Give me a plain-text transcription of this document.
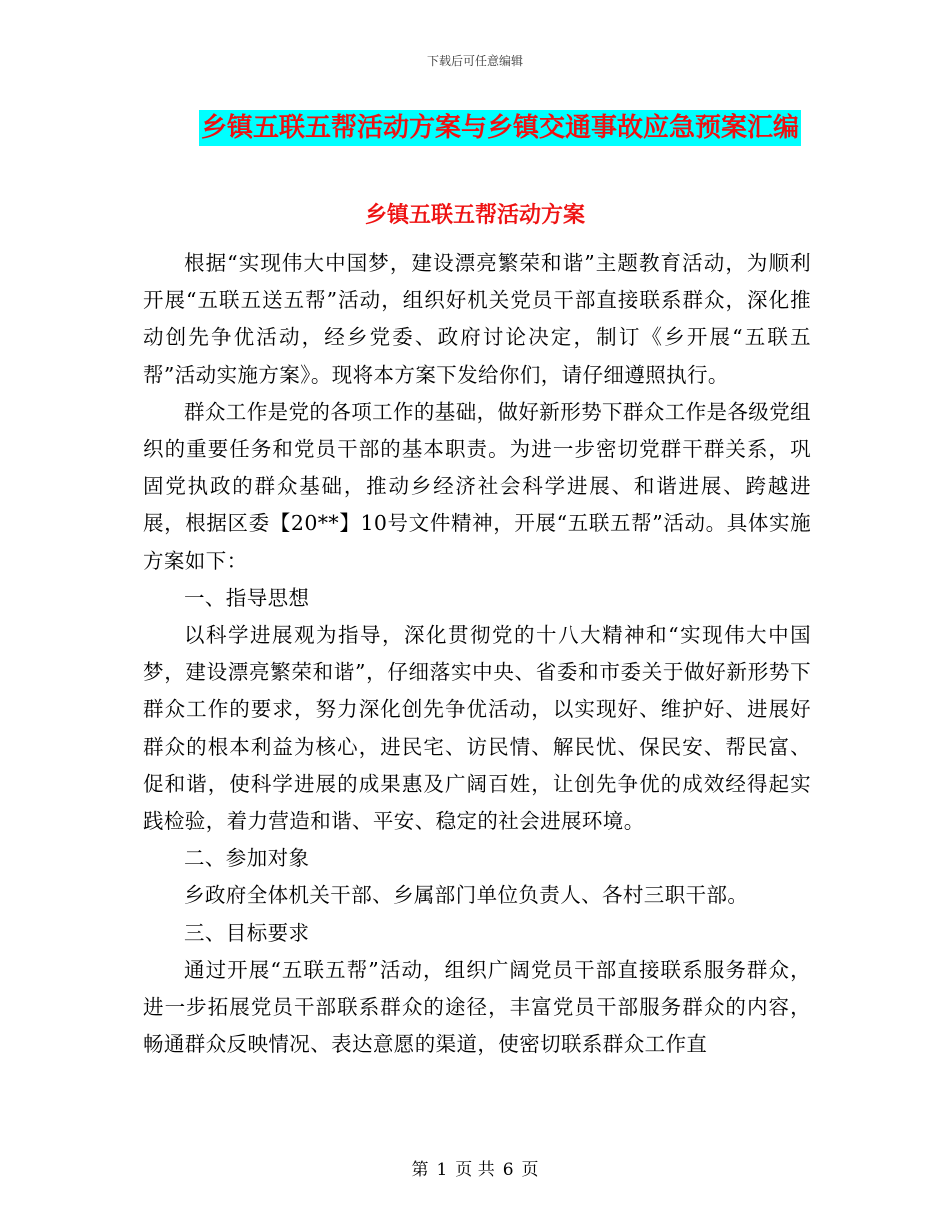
下载后可任意编辑
乡镇五联五帮活动方案与乡镇交通事故应急预案汇编
乡镇五联五帮活动方案

根据“实现伟大中国梦，建设漂亮繁荣和谐”主题教育活动，为顺利开展“五联五送五帮”活动，组织好机关党员干部直接联系群众，深化推动创先争优活动，经乡党委、政府讨论决定，制订《乡开展“五联五帮”活动实施方案》。现将本方案下发给你们，请仔细遵照执行。

群众工作是党的各项工作的基础，做好新形势下群众工作是各级党组织的重要任务和党员干部的基本职责。为进一步密切党群干群关系，巩固党执政的群众基础，推动乡经济社会科学进展、和谐进展、跨越进展，根据区委【20**】10号文件精神，开展“五联五帮”活动。具体实施方案如下：

一、指导思想

以科学进展观为指导，深化贯彻党的十八大精神和“实现伟大中国梦，建设漂亮繁荣和谐”，仔细落实中央、省委和市委关于做好新形势下群众工作的要求，努力深化创先争优活动，以实现好、维护好、进展好群众的根本利益为核心，进民宅、访民情、解民忧、保民安、帮民富、促和谐，使科学进展的成果惠及广阔百姓，让创先争优的成效经得起实践检验，着力营造和谐、平安、稳定的社会进展环境。

二、参加对象

乡政府全体机关干部、乡属部门单位负责人、各村三职干部。

三、目标要求

通过开展“五联五帮”活动，组织广阔党员干部直接联系服务群众，进一步拓展党员干部联系群众的途径，丰富党员干部服务群众的内容，畅通群众反映情况、表达意愿的渠道，使密切联系群众工作直

第 1 页 共 6 页
